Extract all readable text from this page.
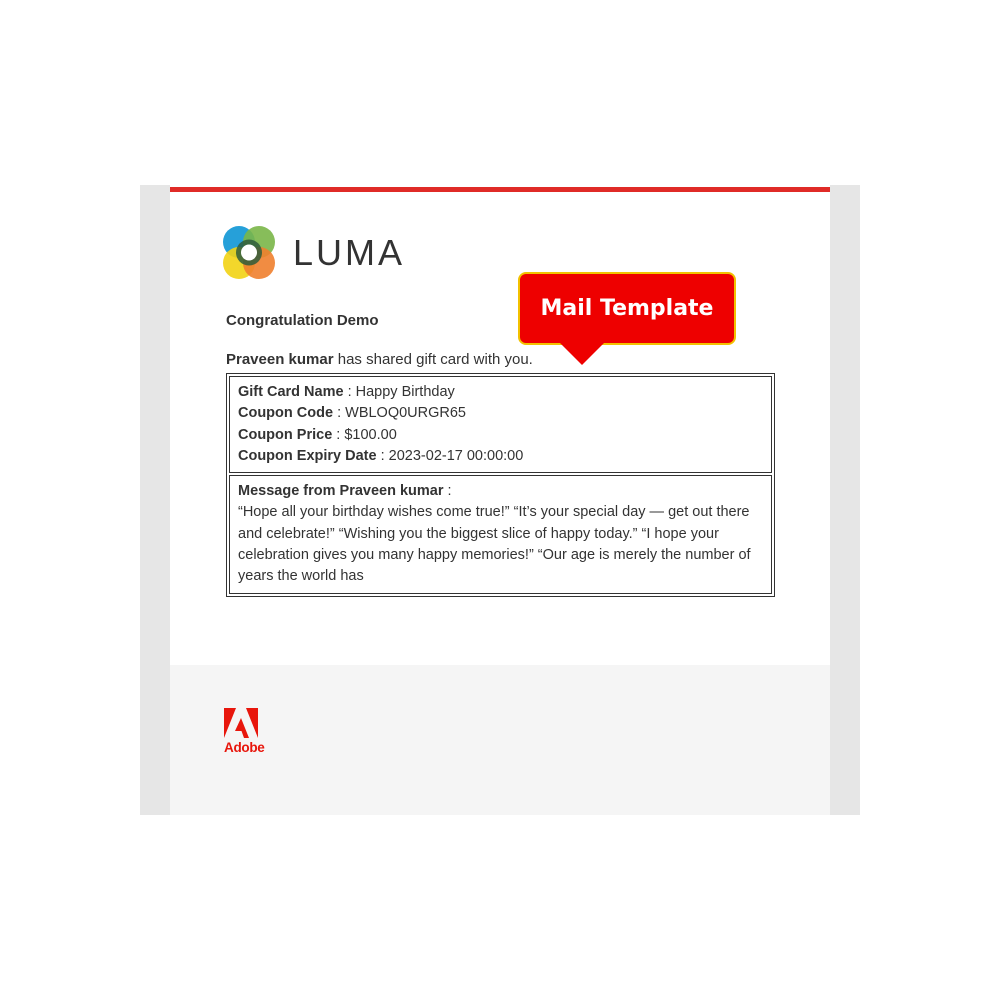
LUMA
Congratulation Demo
Praveen kumar has shared gift card with you.
Gift Card Name : Happy Birthday
Coupon Code : WBLOQ0URGR65
Coupon Price : $100.00
Coupon Expiry Date : 2023-02-17 00:00:00
Message from Praveen kumar :
“Hope all your birthday wishes come true!” “It’s your special day — get out there and celebrate!” “Wishing you the biggest slice of happy today.” “I hope your celebration gives you many happy memories!” “Our age is merely the number of years the world has
Adobe
Mail Template
